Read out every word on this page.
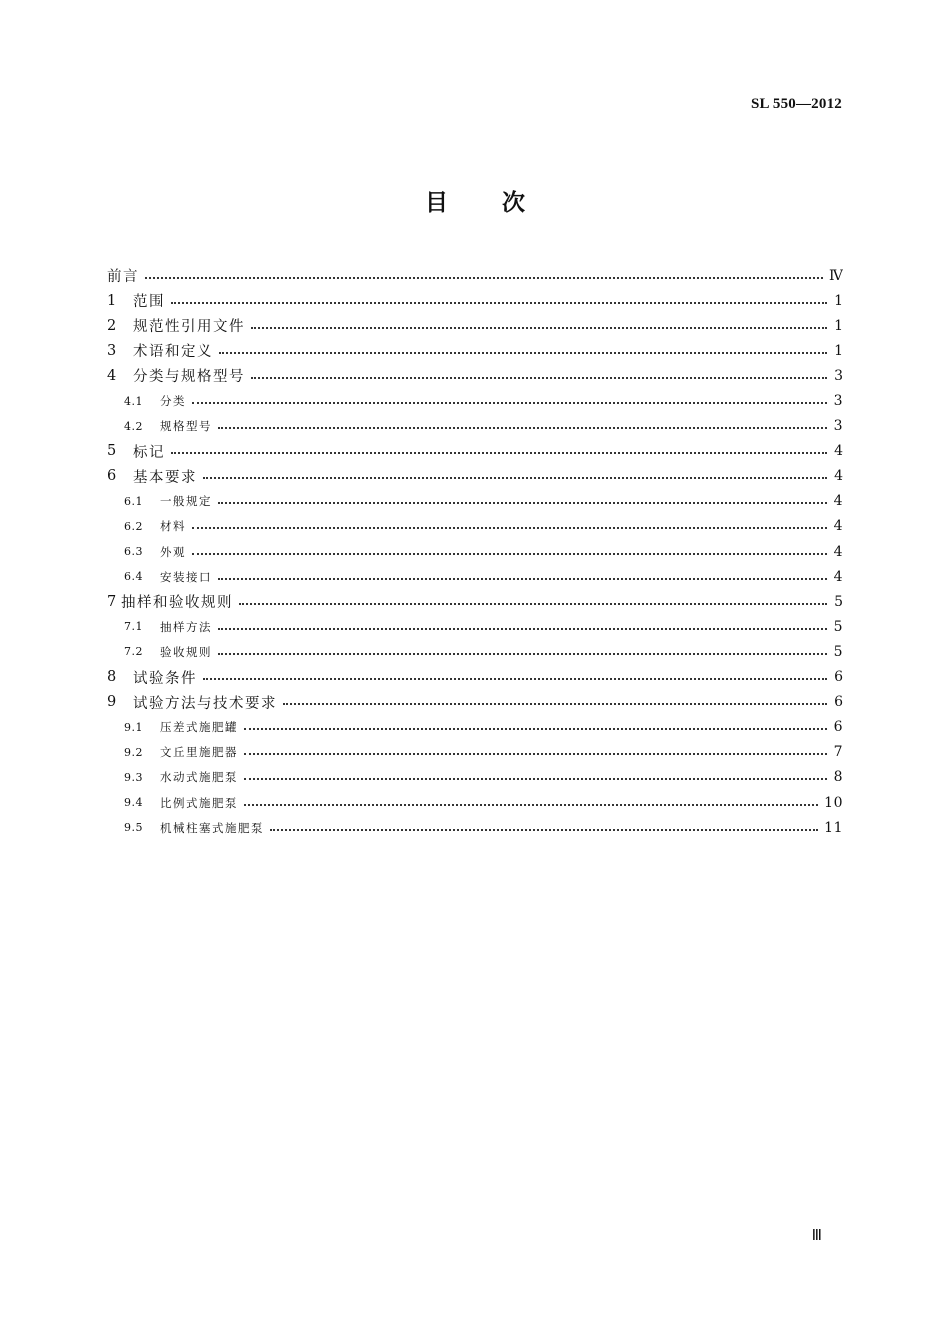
SL 550—2012
目 次
前言	Ⅳ
1	范围	1
2	规范性引用文件	1
3	术语和定义	1
4	分类与规格型号	3
4.1	分类	3
4.2	规格型号	3
5	标记	4
6	基本要求	4
6.1	一般规定	4
6.2	材料	4
6.3	外观	4
6.4	安装接口	4
7 抽样和验收规则	5
7.1	抽样方法	5
7.2	验收规则	5
8	试验条件	6
9	试验方法与技术要求	6
9.1	压差式施肥罐	6
9.2	文丘里施肥器	7
9.3	水动式施肥泵	8
9.4	比例式施肥泵	10
9.5	机械柱塞式施肥泵	11
Ⅲ
